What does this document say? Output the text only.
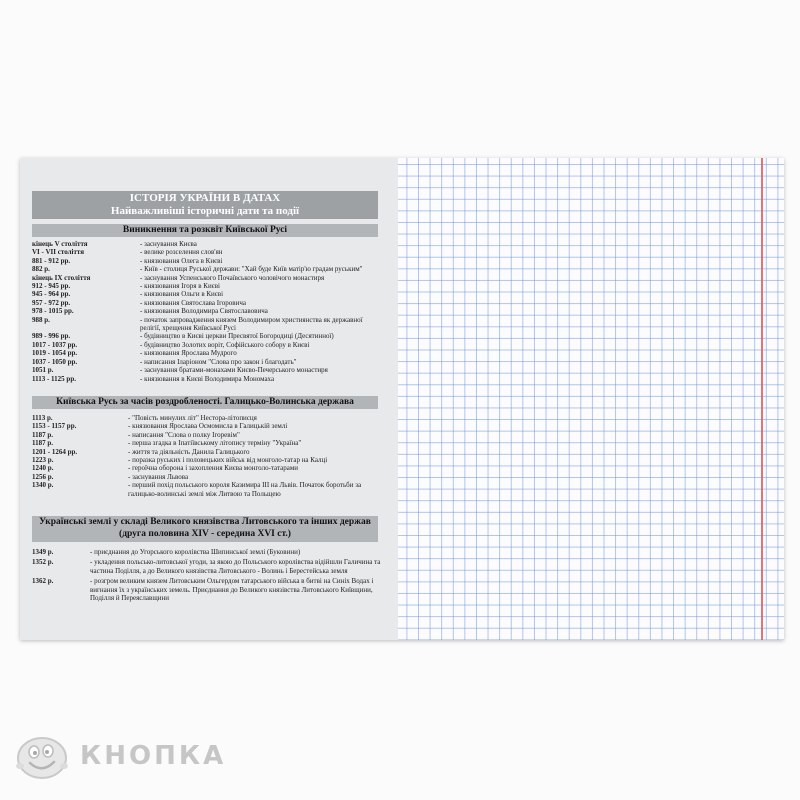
ІСТОРІЯ УКРАЇНИ В ДАТАХ
Найважливіші історичні дати та події
Виникнення та розквіт Київської Русі
кінець V століття	- заснування Києва
VI - VII століття	- велике розселення слов'ян
881 - 912 рр.	- князювання Олега в Києві
882 р.	- Київ - столиця Руської держави: "Хай буде Київ матір'ю градам руським"
кінець IX століття	- заснування Успенського Почаївського чоловічого монастиря
912 - 945 рр.	- князювання Ігоря в Києві
945 - 964 рр.	- князювання Ольги в Києві
957 - 972 рр.	- князювання Святослава Ігоровича
978 - 1015 рр.	- князювання Володимира Святославовича
988 р.	- початок запровадження князем Володимиром християнства як державної релігії, хрещення Київської Русі
989 - 996 рр.	- будівництво в Києві церкви Пресвятої Богородиці (Десятинної)
1017 - 1037 рр.	- будівництво Золотих воріт, Софійського собору в Києві
1019 - 1054 рр.	- князювання Ярослава Мудрого
1037 - 1050 рр.	- написання Іларіоном "Слова про закон і благодать"
1051 р.	- заснування братами-монахами Києво-Печерського монастиря
1113 - 1125 рр.	- князювання в Києві Володимира Мономаха
Київська Русь за часів роздробленості. Галицько-Волинська держава
1113 р.	- "Повість минулих літ" Нестора-літописця
1153 - 1157 рр.	- князювання Ярослава Осмомисла в Галицькій землі
1187 р.	- написання "Слова о полку Ігоревім"
1187 р.	- перша згадка в Іпатіївському літопису терміну "Україна"
1201 - 1264 рр.	- життя та діяльність Данила Галицького
1223 р.	- поразка руських і половецьких військ від монголо-татар на Калці
1240 р.	- героїчна оборона і захоплення Києва монголо-татарами
1256 р.	- заснування Львова
1340 р.	- перший похід польського короля Казимира III на Львів. Початок боротьби за галицько-волинські землі між Литвою та Польщею
Українські землі у складі Великого князівства Литовського та інших держав
(друга половина XIV - середина XVI ст.)
1349 р.	- приєднання до Угорського королівства Шипинської землі (Буковини)
1352 р.	- укладення польсько-литовської угоди, за якою до Польського королівства відійшли Галичина та частина Поділля, а до Великого князівства Литовського - Волинь і Берестейська земля
1362 р.	- розгром великим князем Литовським Ольгердом татарського війська в битві на Синіх Водах і вигнання їх з українських земель. Приєднання до Великого князівства Литовського Київщини, Поділля й Переяславщини
КНОПКА
